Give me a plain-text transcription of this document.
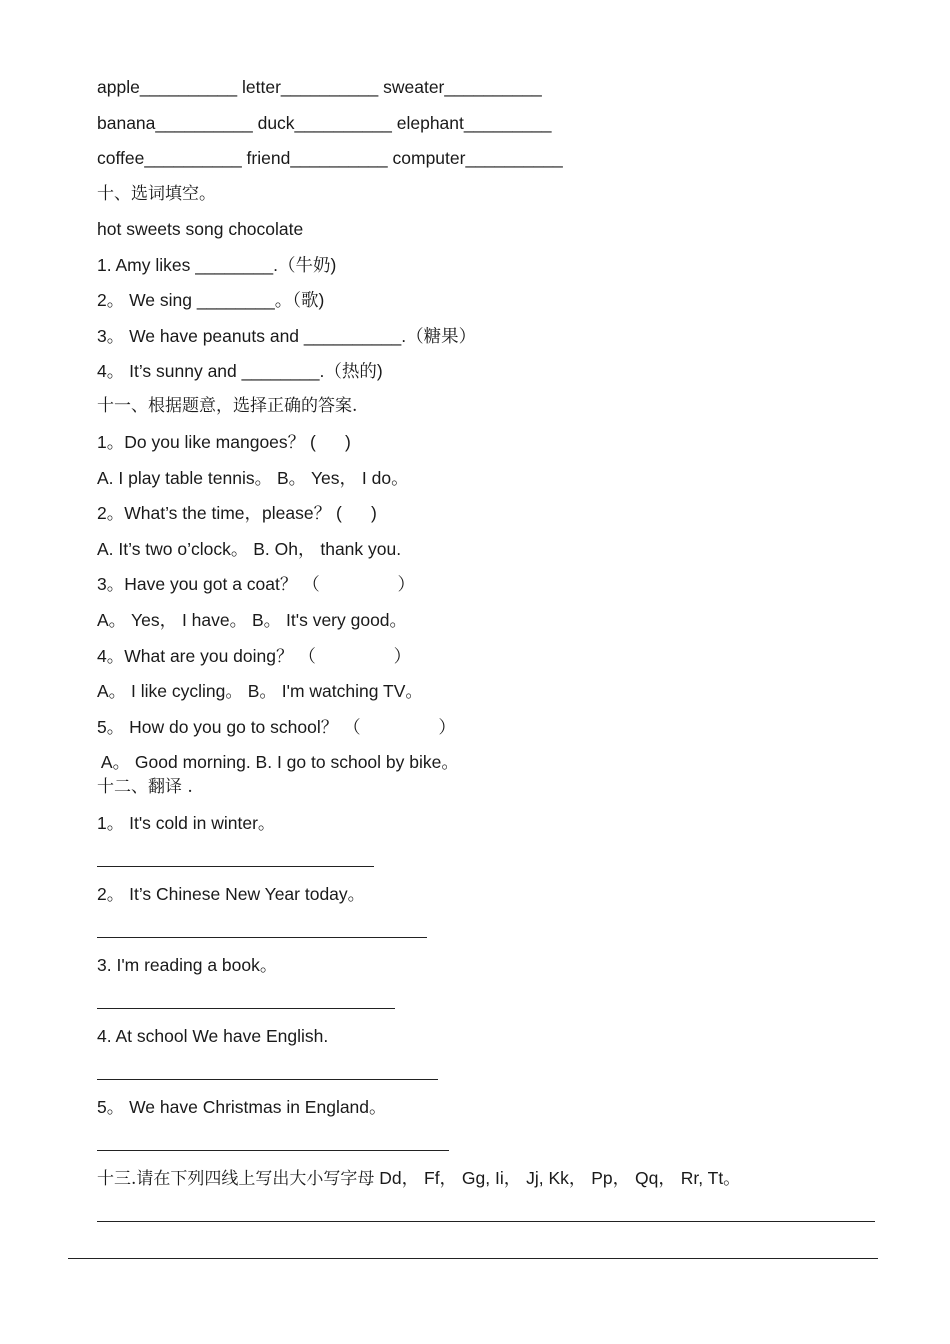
apple__________ letter__________ sweater__________
banana__________ duck__________ elephant_________
coffee__________ friend__________ computer__________
十、选词填空。
hot sweets song chocolate
1. Amy likes ________.（牛奶)
2。 We sing ________。（歌)
3。 We have peanuts and __________.（糖果）
4。 It’s sunny and ________.（热的)
十一、根据题意，选择正确的答案.
1。Do you like mangoes？ (      )
A. I play table tennis。 B。 Yes， I do。
2。What’s the time，please？ (      )
A. It’s two o’clock。 B. Oh， thank you.
3。Have you got a coat？ （                ）
A。 Yes， I have。 B。 It's very good。
4。What are you doing？ （                ）
A。 I like cycling。 B。 I'm watching TV。
5。 How do you go to school？ （                ）
A。 Good morning. B. I go to school by bike。
十二、翻译 .
1。 It's cold in winter。
2。 It’s Chinese New Year today。
3. I'm reading a book。
4. At school We have English.
5。 We have Christmas in England。
十三.请在下列四线上写出大小写字母 Dd， Ff， Gg, Ii， Jj, Kk， Pp， Qq， Rr, Tt。
